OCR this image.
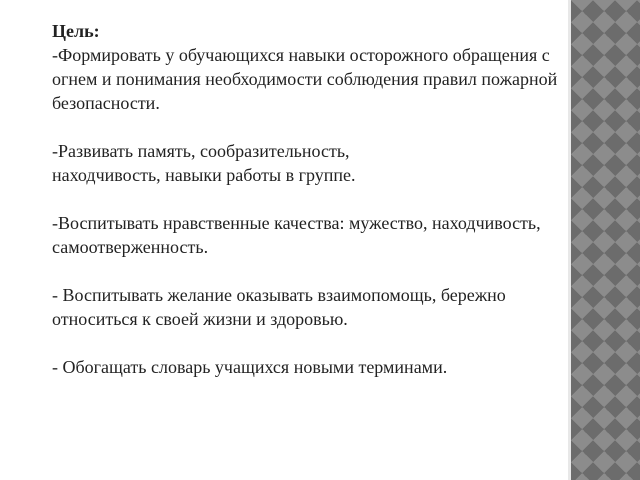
Цель:

-Формировать у обучающихся навыки осторожного обращения с огнем и понимания необходимости соблюдения правил пожарной безопасности.

-Развивать память, сообразительность, находчивость, навыки работы в группе.

-Воспитывать нравственные качества: мужество, находчивость, самоотверженность.

- Воспитывать желание оказывать взаимопомощь, бережно относиться к своей жизни и здоровью.

- Обогащать словарь учащихся новыми терминами.
